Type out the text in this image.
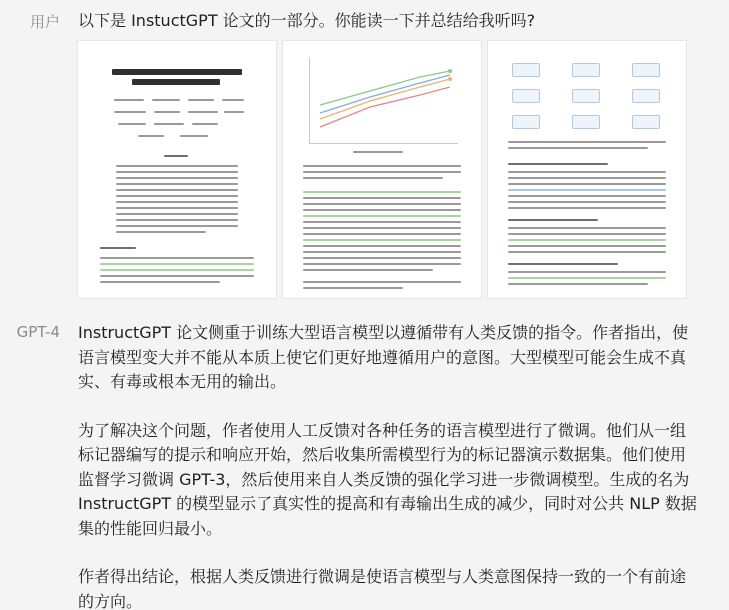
用户	以下是 InstuctGPT 论文的一部分。你能读一下并总结给我听吗?
GPT-4	InstructGPT 论文侧重于训练大型语言模型以遵循带有人类反馈的指令。作者指出，使语言模型变大并不能从本质上使它们更好地遵循用户的意图。大型模型可能会生成不真实、有毒或根本无用的输出。

为了解决这个问题，作者使用人工反馈对各种任务的语言模型进行了微调。他们从一组标记器编写的提示和响应开始，然后收集所需模型行为的标记器演示数据集。他们使用监督学习微调 GPT-3，然后使用来自人类反馈的强化学习进一步微调模型。生成的名为 InstructGPT 的模型显示了真实性的提高和有毒输出生成的减少，同时对公共 NLP 数据集的性能回归最小。

作者得出结论，根据人类反馈进行微调是使语言模型与人类意图保持一致的一个有前途的方向。
